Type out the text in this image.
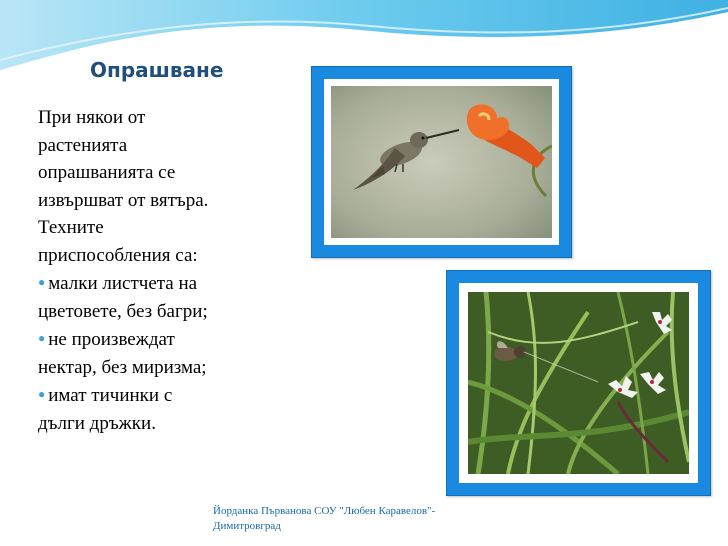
Опрашване

При някои от

растенията

опрашванията се

извършват от вятъра.

Техните

приспособления са:

● малки листчета на

цветовете, без багри;

● не произвеждат

нектар, без миризма;

● имат тичинки с

дълги дръжки.

Йорданка Първанова СОУ "Любен Каравелов"-
Димитровград
